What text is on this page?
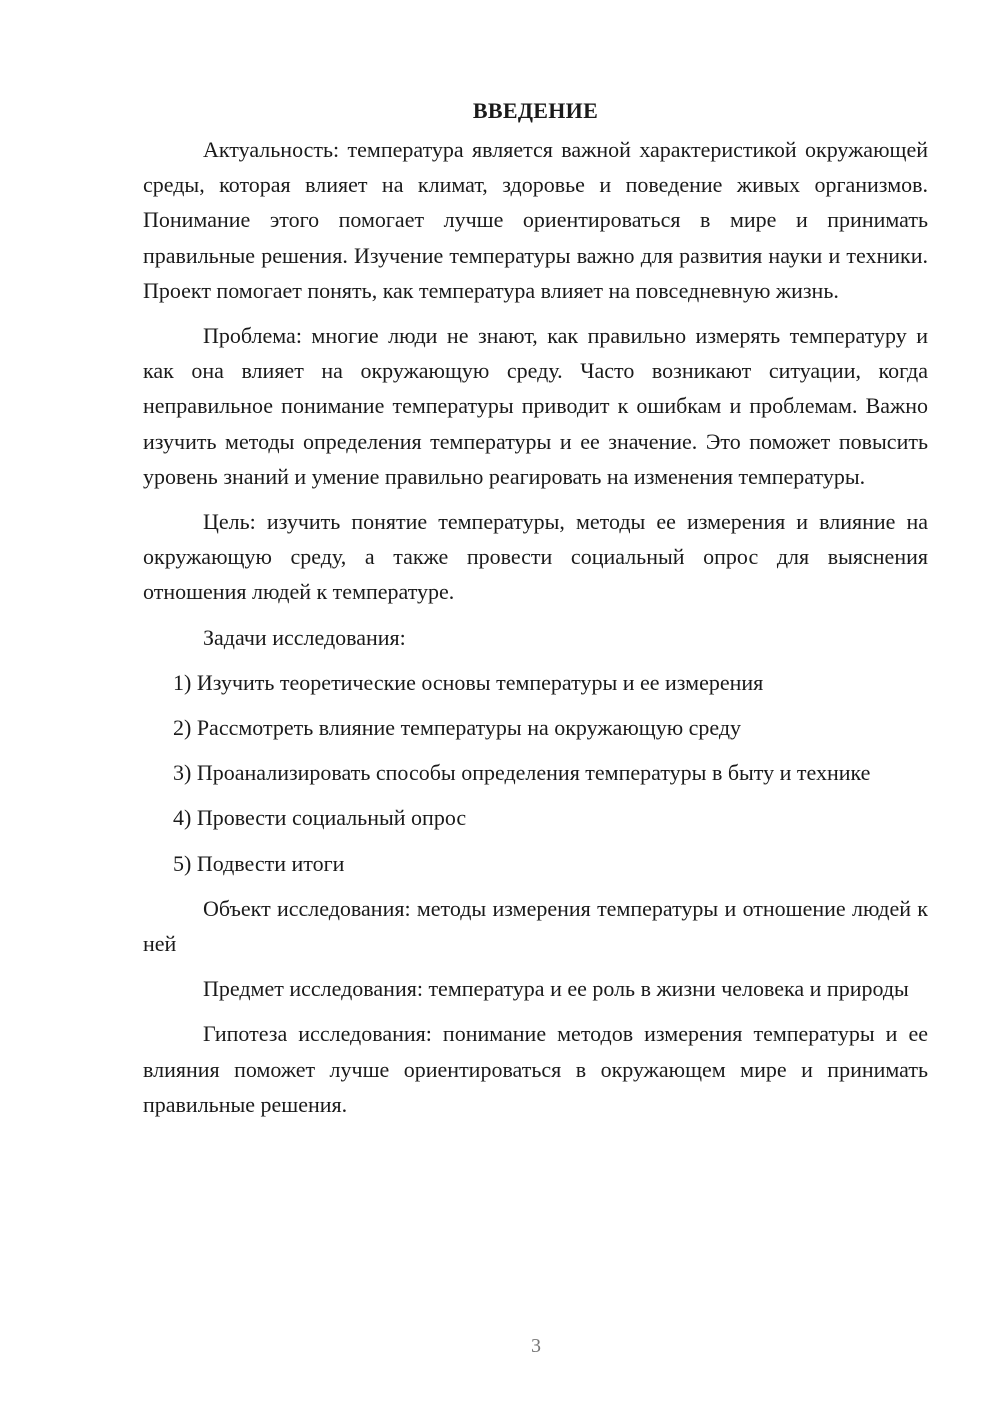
ВВЕДЕНИЕ

Актуальность: температура является важной характеристикой окружающей среды, которая влияет на климат, здоровье и поведение живых организмов. Понимание этого помогает лучше ориентироваться в мире и принимать правильные решения. Изучение температуры важно для развития науки и техники. Проект помогает понять, как температура влияет на повседневную жизнь.

Проблема: многие люди не знают, как правильно измерять температуру и как она влияет на окружающую среду. Часто возникают ситуации, когда неправильное понимание температуры приводит к ошибкам и проблемам. Важно изучить методы определения температуры и ее значение. Это поможет повысить уровень знаний и умение правильно реагировать на изменения температуры.

Цель: изучить понятие температуры, методы ее измерения и влияние на окружающую среду, а также провести социальный опрос для выяснения отношения людей к температуре.

Задачи исследования:

1) Изучить теоретические основы температуры и ее измерения

2) Рассмотреть влияние температуры на окружающую среду

3) Проанализировать способы определения температуры в быту и технике

4) Провести социальный опрос

5) Подвести итоги

Объект исследования: методы измерения температуры и отношение людей к ней

Предмет исследования: температура и ее роль в жизни человека и природы

Гипотеза исследования: понимание методов измерения температуры и ее влияния поможет лучше ориентироваться в окружающем мире и принимать правильные решения.

3
